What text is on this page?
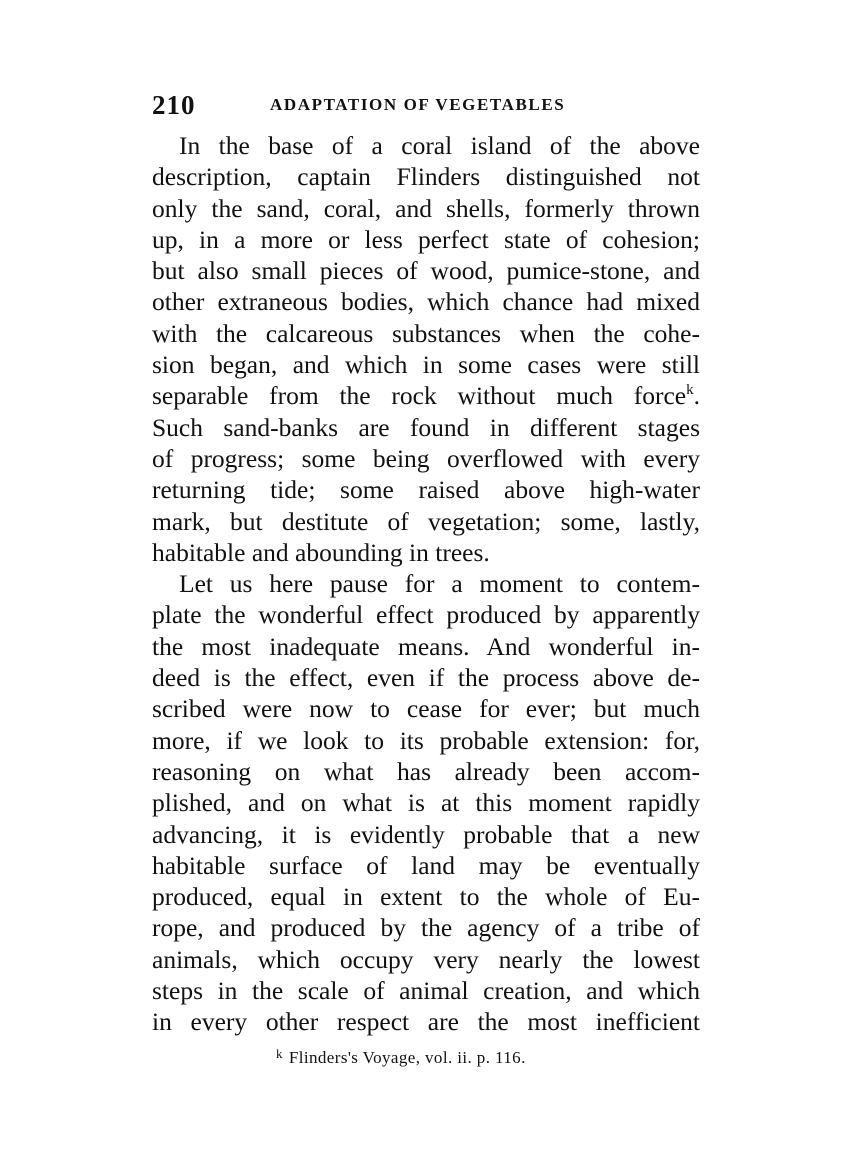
210	ADAPTATION OF VEGETABLES
In the base of a coral island of the above
description, captain Flinders distinguished not
only the sand, coral, and shells, formerly thrown
up, in a more or less perfect state of cohesion;
but also small pieces of wood, pumice-stone, and
other extraneous bodies, which chance had mixed
with the calcareous substances when the cohe-
sion began, and which in some cases were still
separable from the rock without much force$^k$.
Such sand-banks are found in different stages
of progress; some being overflowed with every
returning tide; some raised above high-water
mark, but destitute of vegetation; some, lastly,
habitable and abounding in trees.
Let us here pause for a moment to contem-
plate the wonderful effect produced by apparently
the most inadequate means. And wonderful in-
deed is the effect, even if the process above de-
scribed were now to cease for ever; but much
more, if we look to its probable extension: for,
reasoning on what has already been accom-
plished, and on what is at this moment rapidly
advancing, it is evidently probable that a new
habitable surface of land may be eventually
produced, equal in extent to the whole of Eu-
rope, and produced by the agency of a tribe of
animals, which occupy very nearly the lowest
steps in the scale of animal creation, and which
in every other respect are the most inefficient
$^k$ Flinders's Voyage, vol. ii. p. 116.
